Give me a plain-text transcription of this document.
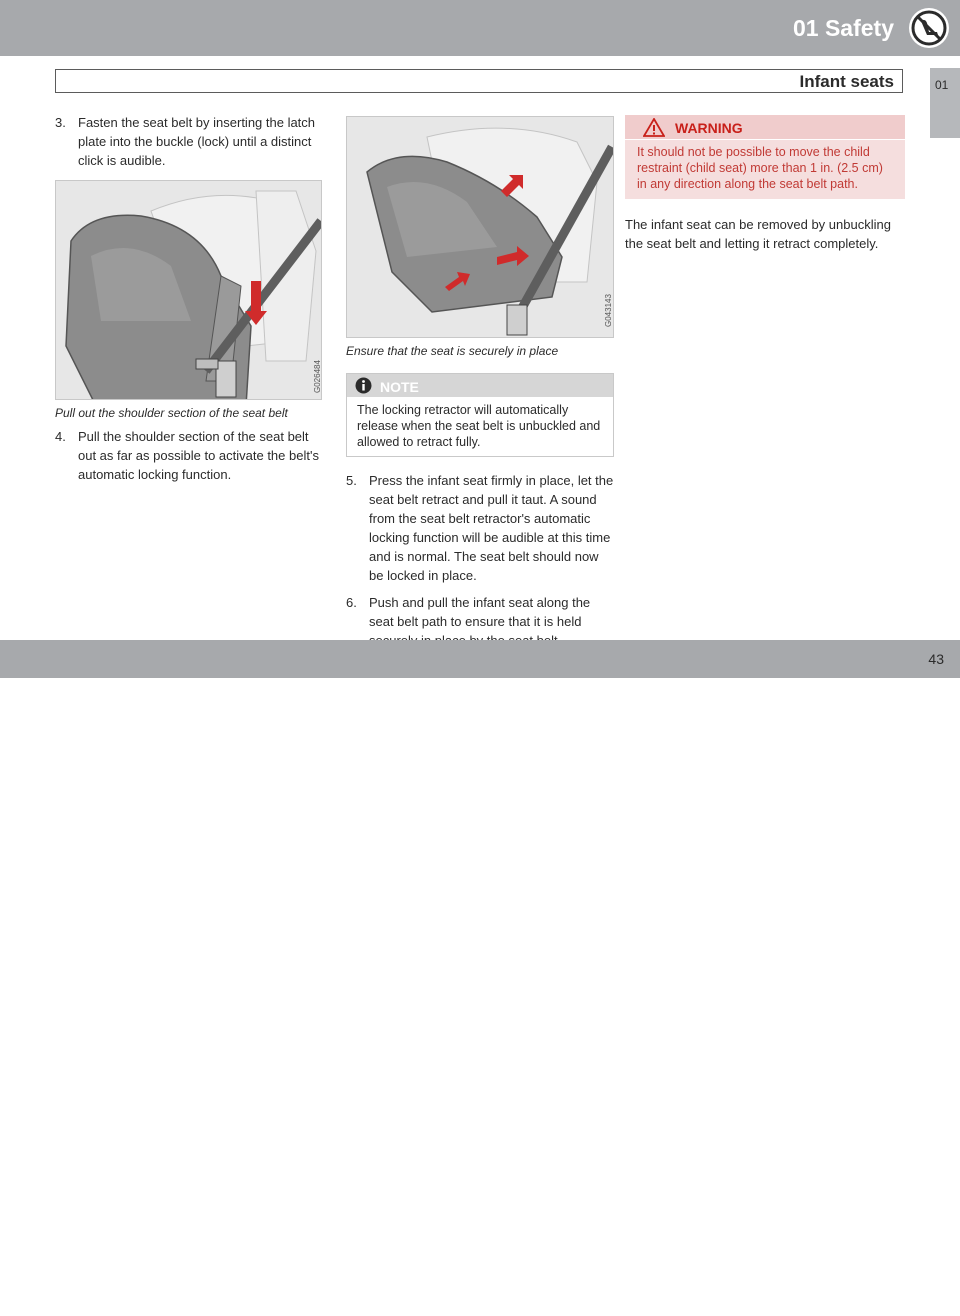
01 Safety
Infant seats	01
3. Fasten the seat belt by inserting the latch plate into the buckle (lock) until a distinct click is audible.
G026484
Pull out the shoulder section of the seat belt
4. Pull the shoulder section of the seat belt out as far as possible to activate the belt's automatic locking function.
G043143
Ensure that the seat is securely in place
NOTE
The locking retractor will automatically release when the seat belt is unbuckled and allowed to retract fully.
5. Press the infant seat firmly in place, let the seat belt retract and pull it taut. A sound from the seat belt retractor's automatic locking function will be audible at this time and is normal. The seat belt should now be locked in place.
6. Push and pull the infant seat along the seat belt path to ensure that it is held
WARNING
It should not be possible to move the child restraint (child seat) more than 1 in. (2.5 cm) in any direction along the seat belt path.
The infant seat can be removed by unbuckling the seat belt and letting it retract completely.
carmanualsonline.info
43
